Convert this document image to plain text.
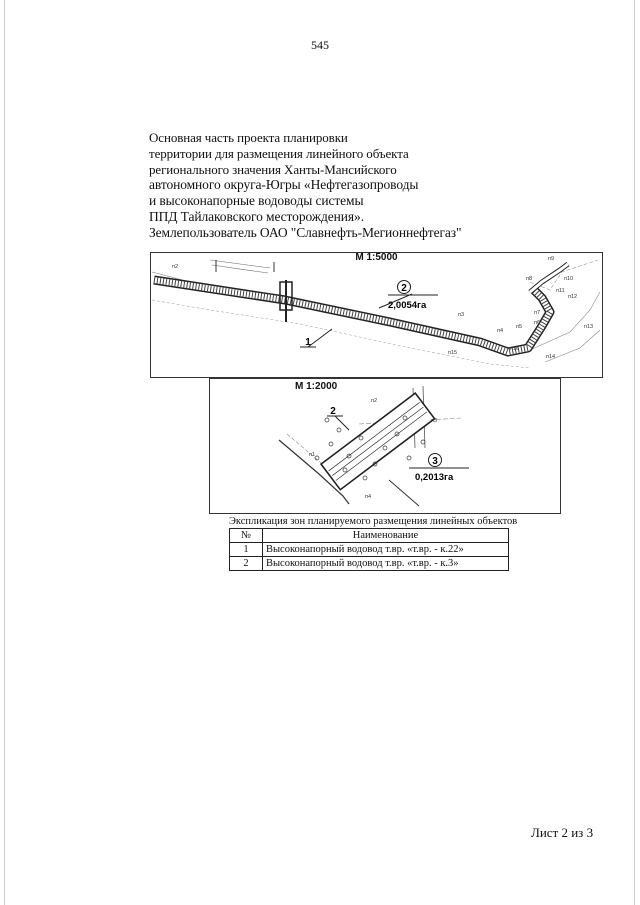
545
Основная часть проекта планировки
территории для размещения линейного объекта
регионального значения Ханты-Мансийского
автономного округа-Югры «Нефтегазопроводы
и высоконапорные водоводы системы
ППД Тайлаковского месторождения».
Землепользователь ОАО "Славнефть-Мегионнефтегаз"
п2
п16
п3
п4
п5
п6
п7
п8
п9
п10
п11
п12
п13
п14
п15
2
2,0054га
1
М 1:5000
п2
п1
п3
п4
3
0,2013га
2
М 1:2000
Экспликация зон планируемого размещения линейных объектов
№	Наименование
1	Высоконапорный водовод т.вр. «т.вр. - к.22»
2	Высоконапорный водовод т.вр. «т.вр. - к.3»
Лист 2 из 3
